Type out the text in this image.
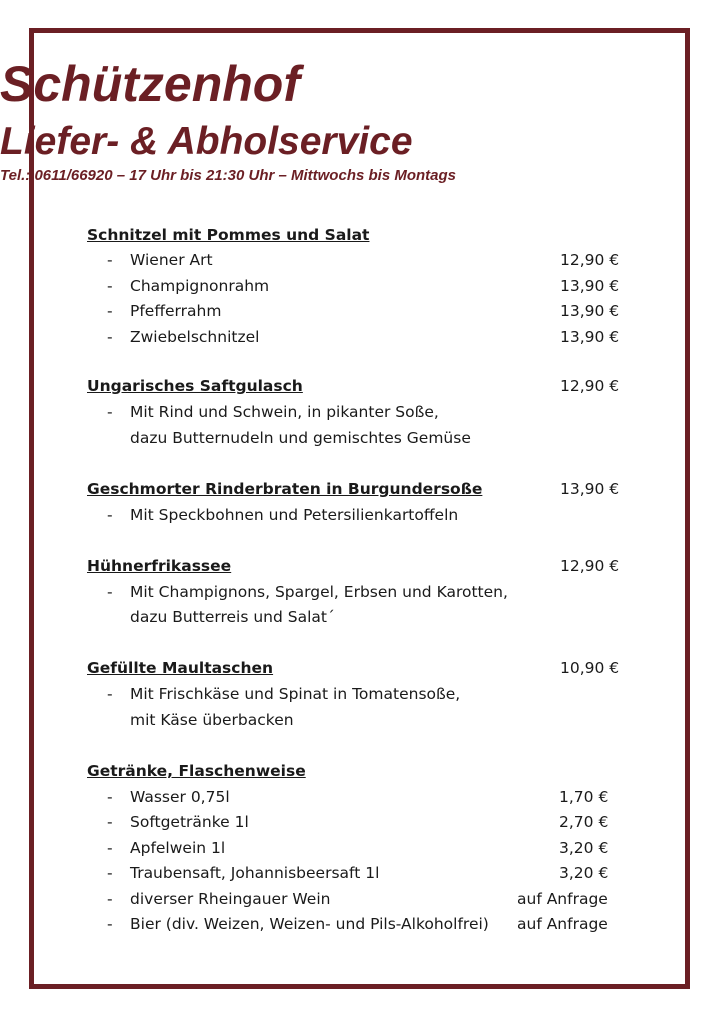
Schützenhof
Liefer- & Abholservice
Tel.: 0611/66920 – 17 Uhr bis 21:30 Uhr – Mittwochs bis Montags
Schnitzel mit Pommes und Salat
- Wiener Art	12,90 €
- Champignonrahm	13,90 €
- Pfefferrahm	13,90 €
- Zwiebelschnitzel	13,90 €
Ungarisches Saftgulasch	12,90 €
- Mit Rind und Schwein, in pikanter Soße,
dazu Butternudeln und gemischtes Gemüse
Geschmorter Rinderbraten in Burgundersoße	13,90 €
- Mit Speckbohnen und Petersilienkartoffeln
Hühnerfrikassee	12,90 €
- Mit Champignons, Spargel, Erbsen und Karotten,
dazu Butterreis und Salat´
Gefüllte Maultaschen	10,90 €
- Mit Frischkäse und Spinat in Tomatensoße,
mit Käse überbacken
Getränke, Flaschenweise
- Wasser 0,75l	1,70 €
- Softgetränke 1l	2,70 €
- Apfelwein 1l	3,20 €
- Traubensaft, Johannisbeersaft 1l	3,20 €
- diverser Rheingauer Wein	auf Anfrage
- Bier (div. Weizen, Weizen- und Pils-Alkoholfrei) auf Anfrage
